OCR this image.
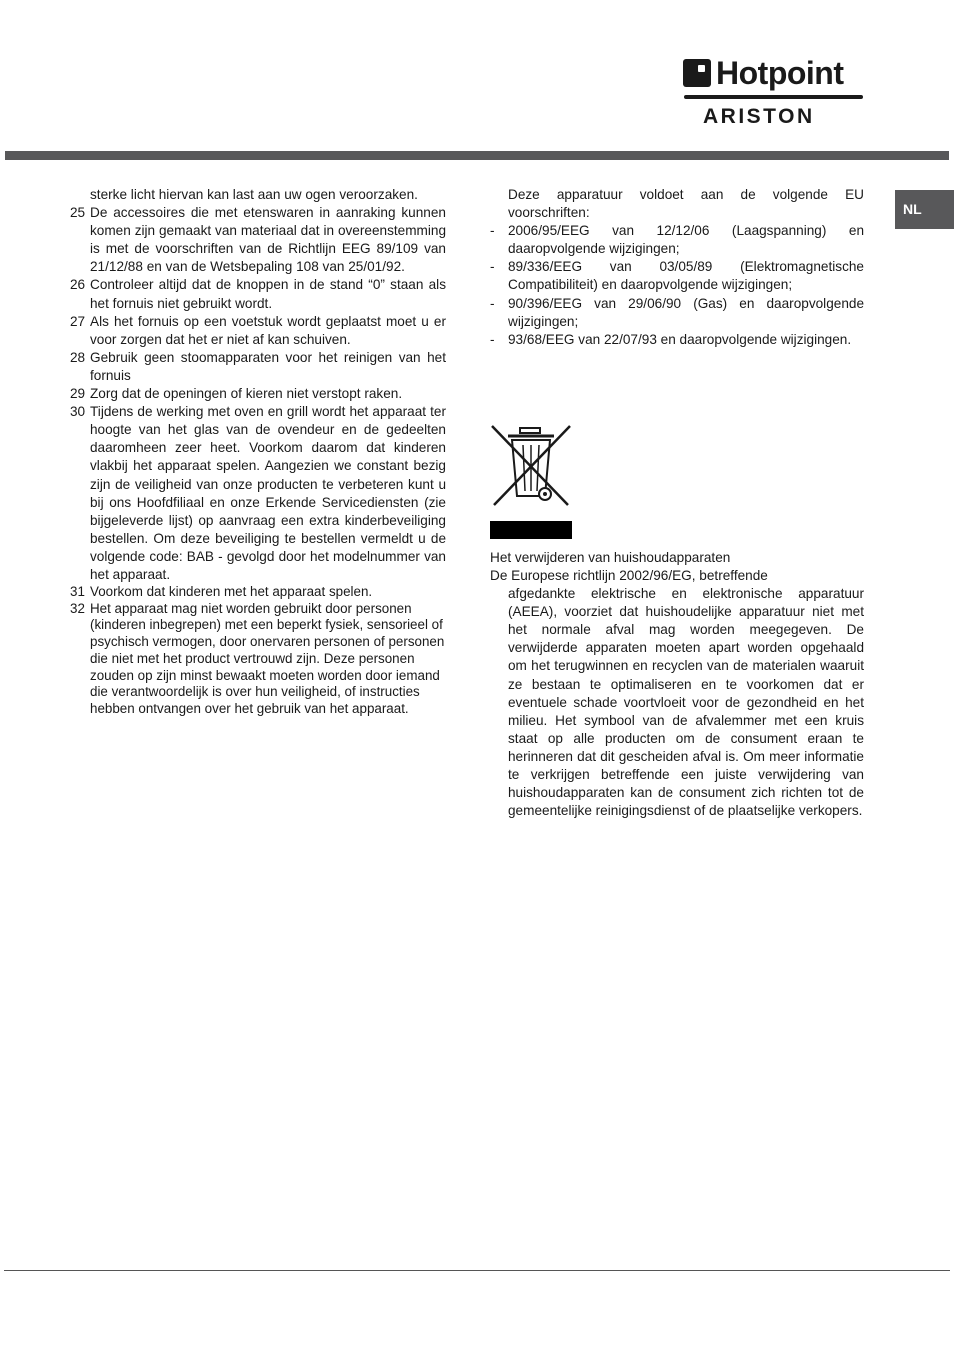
Hotpoint
ARISTON
NL
sterke licht hiervan kan last aan uw ogen veroorzaken.
25 De accessoires die met etenswaren in aanraking kunnen komen zijn gemaakt van materiaal dat in overeenstemming is met de voorschriften van de Richtlijn EEG 89/109 van 21/12/88 en van de Wetsbepaling 108 van 25/01/92.
26 Controleer altijd dat de knoppen in de stand “0” staan als het fornuis niet gebruikt wordt.
27 Als het fornuis op een voetstuk wordt geplaatst moet u er voor zorgen dat het er niet af kan schuiven.
28 Gebruik geen stoomapparaten voor het reinigen van het fornuis
29 Zorg dat de openingen of kieren niet verstopt raken.
30 Tijdens de werking met oven en grill wordt het apparaat ter hoogte van het glas van de ovendeur en de gedeelten daaromheen zeer heet. Voorkom daarom dat kinderen vlakbij het apparaat spelen. Aangezien we constant bezig zijn de veiligheid van onze producten te verbeteren kunt u bij ons Hoofdfiliaal en onze Erkende Servicediensten (zie bijgeleverde lijst) op aanvraag een extra kinderbeveiliging bestellen. Om deze beveiliging te bestellen vermeldt u de volgende code: BAB - gevolgd door het modelnummer van het apparaat.
31 Voorkom dat kinderen met het apparaat spelen.
32 Het apparaat mag niet worden gebruikt door personen (kinderen inbegrepen) met een beperkt fysiek, sensorieel of psychisch vermogen, door onervaren personen of personen die niet met het product vertrouwd zijn. Deze personen zouden op zijn minst bewaakt moeten worden door iemand die verantwoordelijk is over hun veiligheid, of instructies hebben ontvangen over het gebruik van het apparaat.
Deze apparatuur voldoet aan de volgende EU voorschriften:
- 2006/95/EEG van 12/12/06 (Laagspanning) en daaropvolgende wijzigingen;
- 89/336/EEG van 03/05/89 (Elektromagnetische Compatibiliteit) en daaropvolgende wijzigingen;
- 90/396/EEG van 29/06/90 (Gas) en daaropvolgende wijzigingen;
- 93/68/EEG van 22/07/93 en daaropvolgende wijzigingen.
Het verwijderen van huishoudapparaten
De Europese richtlijn 2002/96/EG, betreffende
afgedankte elektrische en elektronische apparatuur (AEEA), voorziet dat huishoudelijke apparatuur niet met het normale afval mag worden meegegeven. De verwijderde apparaten moeten apart worden opgehaald om het terugwinnen en recyclen van de materialen waaruit ze bestaan te optimaliseren en te voorkomen dat er eventuele schade voortvloeit voor de gezondheid en het milieu. Het symbool van de afvalemmer met een kruis staat op alle producten om de consument eraan te herinneren dat dit gescheiden afval is. Om meer informatie te verkrijgen betreffende een juiste verwijdering van huishoudapparaten kan de consument zich richten tot de gemeentelijke reinigingsdienst of de plaatselijke verkopers.
